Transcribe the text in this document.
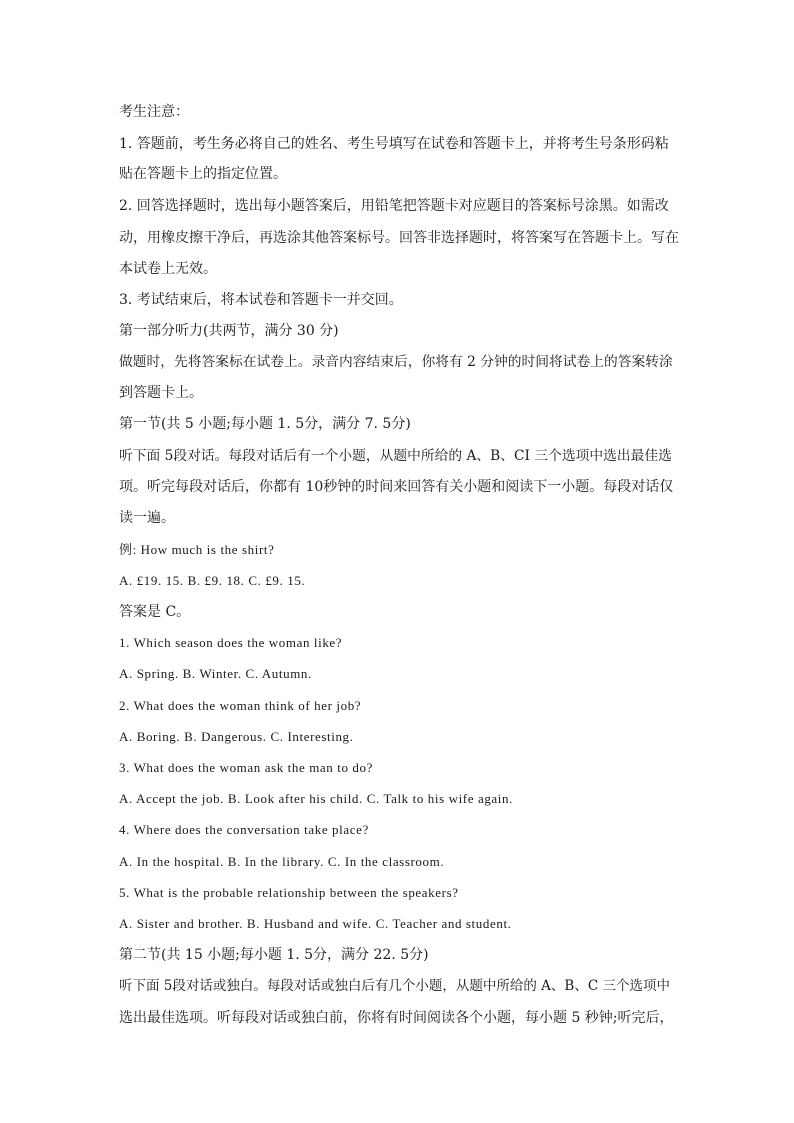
考生注意：
1. 答题前，考生务必将自己的姓名、考生号填写在试卷和答题卡上，并将考生号条形码粘
贴在答题卡上的指定位置。
2. 回答选择题时，选出每小题答案后，用铅笔把答题卡对应题目的答案标号涂黑。如需改
动，用橡皮擦干净后，再选涂其他答案标号。回答非选择题时，将答案写在答题卡上。写在
本试卷上无效。
3. 考试结束后，将本试卷和答题卡一并交回。
第一部分听力(共两节，满分 30 分)
做题时，先将答案标在试卷上。录音内容结束后，你将有 2 分钟的时间将试卷上的答案转涂
到答题卡上。
第一节(共 5 小题;每小题 1. 5分，满分 7. 5分)
听下面 5段对话。每段对话后有一个小题，从题中所给的 A、B、CI 三个选项中选出最佳选
项。听完每段对话后，你都有 10秒钟的时间来回答有关小题和阅读下一小题。每段对话仅
读一遍。
例: How much is the shirt?
A. £19. 15. B. £9. 18. C. £9. 15.
答案是 C。
1. Which season does the woman like?
A. Spring. B. Winter. C. Autumn.
2. What does the woman think of her job?
A. Boring. B. Dangerous. C. Interesting.
3. What does the woman ask the man to do?
A. Accept the job. B. Look after his child. C. Talk to his wife again.
4. Where does the conversation take place?
A. In the hospital. B. In the library. C. In the classroom.
5. What is the probable relationship between the speakers?
A. Sister and brother. B. Husband and wife. C. Teacher and student.
第二节(共 15 小题;每小题 1. 5分，满分 22. 5分)
听下面 5段对话或独白。每段对话或独白后有几个小题，从题中所给的 A、B、C 三个选项中
选出最佳选项。听每段对话或独白前，你将有时间阅读各个小题，每小题 5 秒钟;听完后，
